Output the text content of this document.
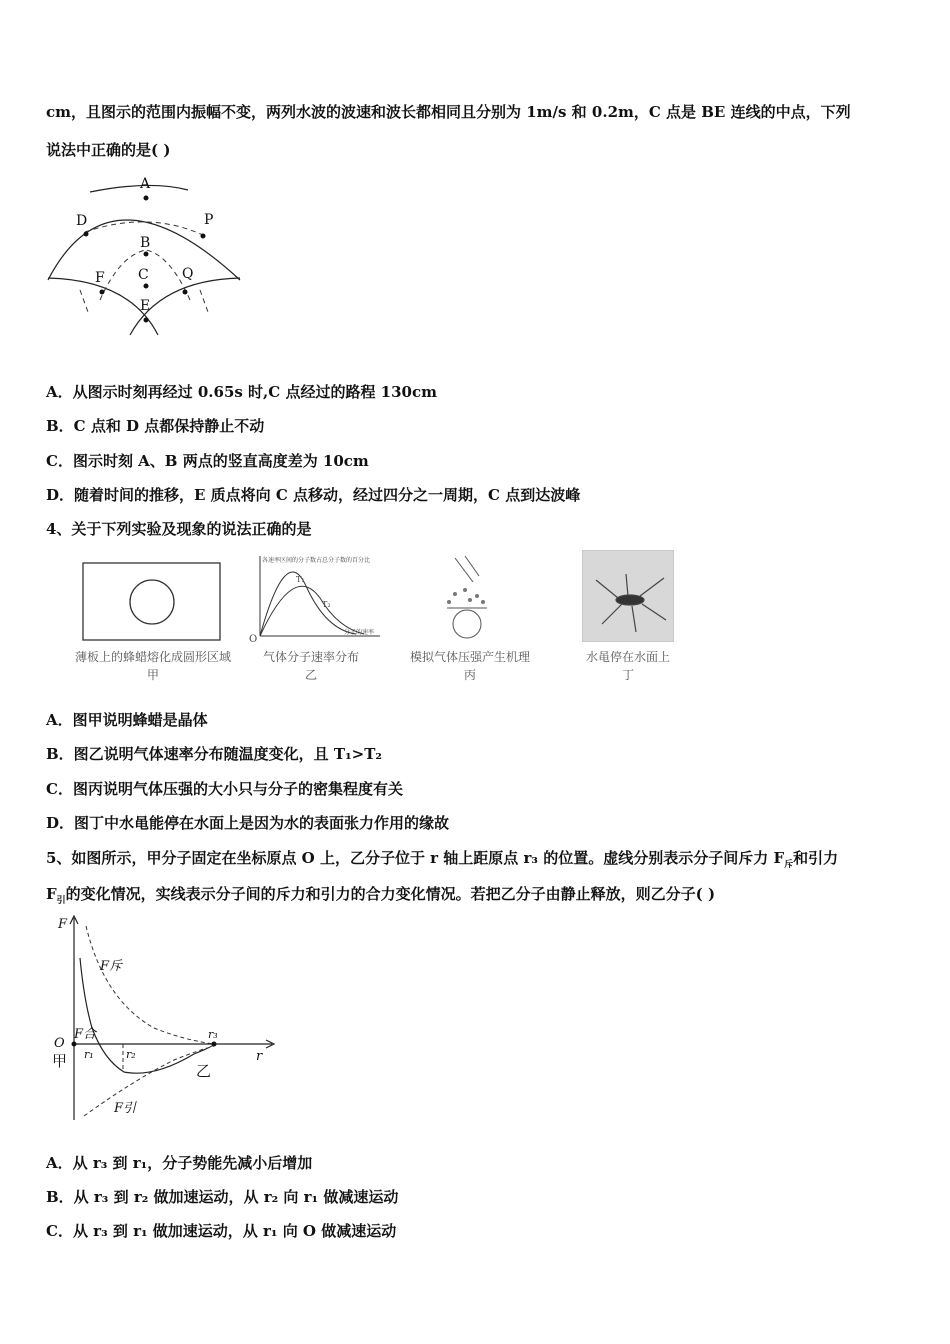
cm，且图示的范围内振幅不变，两列水波的波速和波长都相同且分别为 1m/s 和 0.2m，C 点是 BE 连线的中点，下列
说法中正确的是( )
A
D	P
B
C
F	Q
E
A．从图示时刻再经过 0.65s 时,C 点经过的路程 130cm
B．C 点和 D 点都保持静止不动
C．图示时刻 A、B 两点的竖直高度差为 10cm
D．随着时间的推移，E 质点将向 C 点移动，经过四分之一周期，C 点到达波峰
4、关于下列实验及现象的说法正确的是
薄板上的蜂蜡熔化成圆形区域
甲
各速率区间的分子数占总分子数的百分比
O
分子的速率
T₁
T₂
气体分子速率分布
乙
模拟气体压强产生机理
丙
水黾停在水面上
丁
A．图甲说明蜂蜡是晶体
B．图乙说明气体速率分布随温度变化，且 T₁>T₂
C．图丙说明气体压强的大小只与分子的密集程度有关
D．图丁中水黾能停在水面上是因为水的表面张力作用的缘故
5、如图所示，甲分子固定在坐标原点 O 上，乙分子位于 r 轴上距原点 r₃ 的位置。虚线分别表示分子间斥力 $F_斥$和引力
$F_引$的变化情况，实线表示分子间的斥力和引力的合力变化情况。若把乙分子由静止释放，则乙分子( )
F
r
O
F斥
F引
F合
r₁	r₂
r₃
甲
乙
A．从 r₃ 到 r₁，分子势能先减小后增加
B．从 r₃ 到 r₂ 做加速运动，从 r₂ 向 r₁ 做减速运动
C．从 r₃ 到 r₁ 做加速运动，从 r₁ 向 O 做减速运动
